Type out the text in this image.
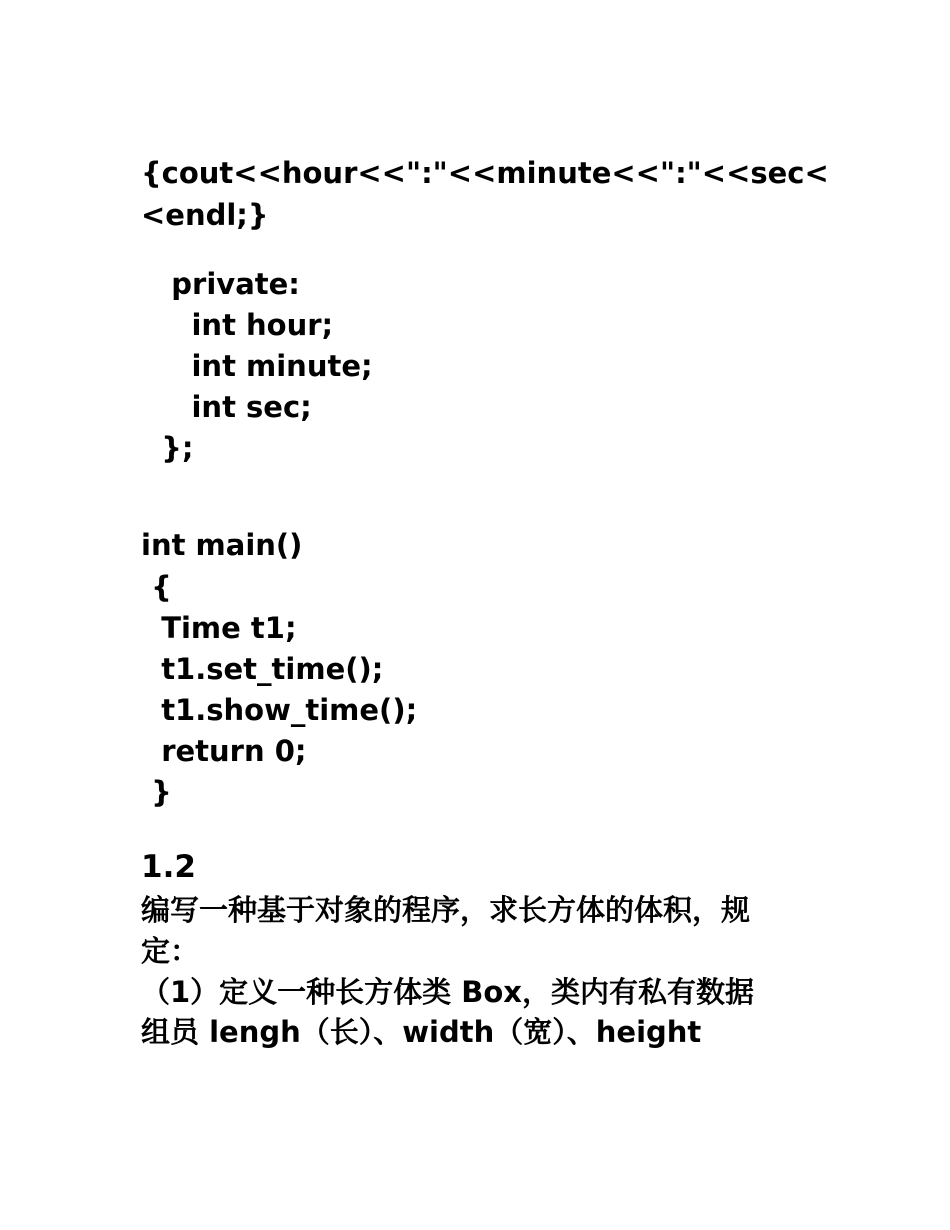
{cout<<hour<<":"<<minute<<":"<<sec<
<endl;}
private:
int hour;
int minute;
int sec;
};
int main()
{
Time t1;
t1.set_time();
t1.show_time();
return 0;
}
1.2
编写一种基于对象的程序，求长方体的体积，规
定：
（1）定义一种长方体类 Box，类内有私有数据
组员 lengh（长）、width（宽）、height
